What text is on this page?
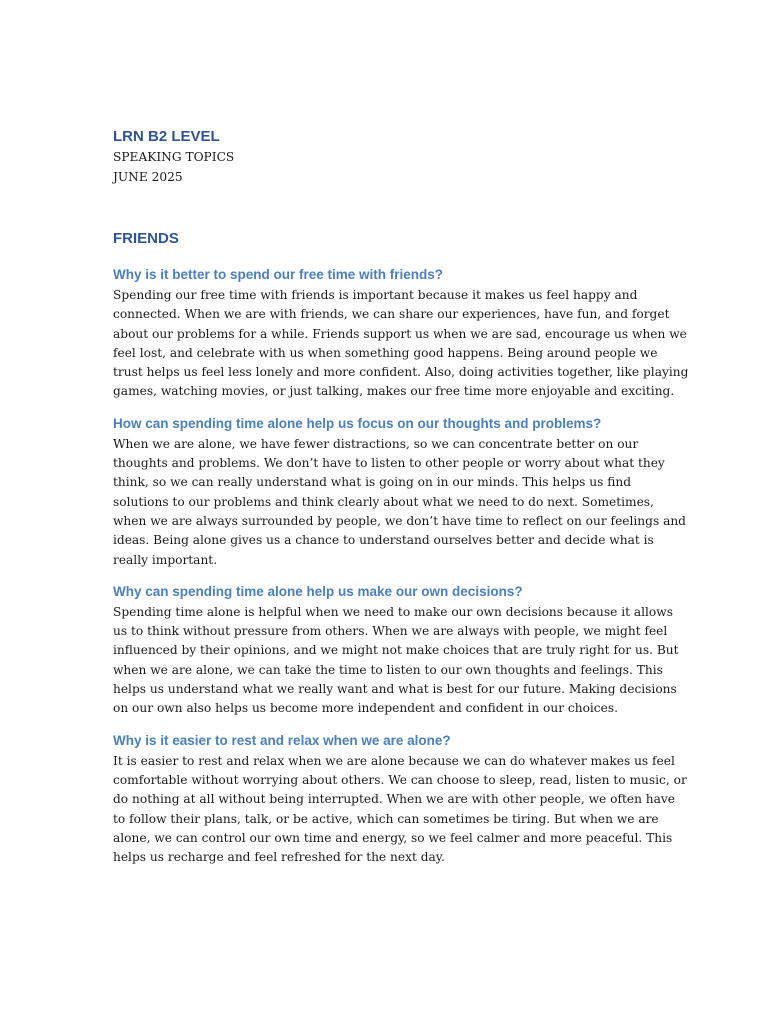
LRN B2 LEVEL

SPEAKING TOPICS

JUNE 2025

FRIENDS
Why is it better to spend our free time with friends?

Spending our free time with friends is important because it makes us feel happy and
connected. When we are with friends, we can share our experiences, have fun, and forget
about our problems for a while. Friends support us when we are sad, encourage us when we
feel lost, and celebrate with us when something good happens. Being around people we
trust helps us feel less lonely and more confident. Also, doing activities together, like playing
games, watching movies, or just talking, makes our free time more enjoyable and exciting.

How can spending time alone help us focus on our thoughts and problems?

When we are alone, we have fewer distractions, so we can concentrate better on our
thoughts and problems. We don’t have to listen to other people or worry about what they
think, so we can really understand what is going on in our minds. This helps us find
solutions to our problems and think clearly about what we need to do next. Sometimes,
when we are always surrounded by people, we don’t have time to reflect on our feelings and
ideas. Being alone gives us a chance to understand ourselves better and decide what is
really important.

Why can spending time alone help us make our own decisions?

Spending time alone is helpful when we need to make our own decisions because it allows
us to think without pressure from others. When we are always with people, we might feel
influenced by their opinions, and we might not make choices that are truly right for us. But
when we are alone, we can take the time to listen to our own thoughts and feelings. This
helps us understand what we really want and what is best for our future. Making decisions
on our own also helps us become more independent and confident in our choices.

Why is it easier to rest and relax when we are alone?

It is easier to rest and relax when we are alone because we can do whatever makes us feel
comfortable without worrying about others. We can choose to sleep, read, listen to music, or
do nothing at all without being interrupted. When we are with other people, we often have
to follow their plans, talk, or be active, which can sometimes be tiring. But when we are
alone, we can control our own time and energy, so we feel calmer and more peaceful. This
helps us recharge and feel refreshed for the next day.
